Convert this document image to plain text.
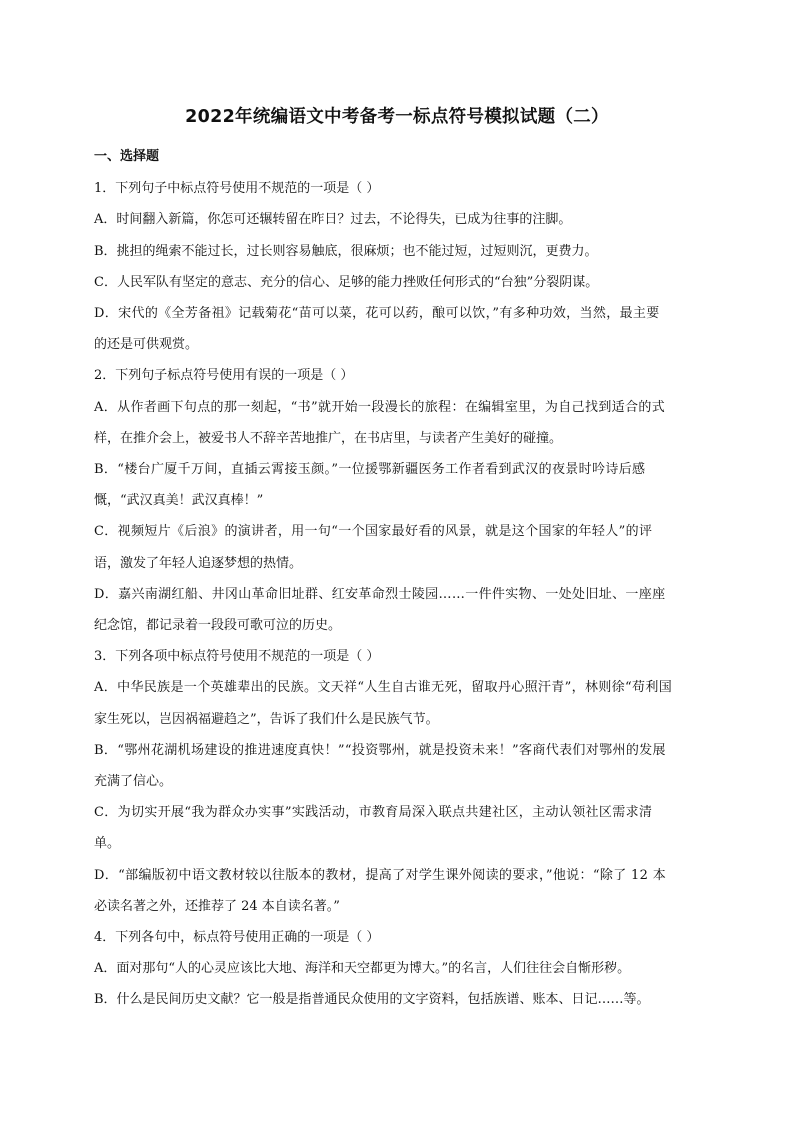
2022年统编语文中考备考一标点符号模拟试题（二）
一、选择题
1．下列句子中标点符号使用不规范的一项是（ ）
A．时间翻入新篇，你怎可还辗转留在昨日？过去，不论得失，已成为往事的注脚。
B．挑担的绳索不能过长，过长则容易触底，很麻烦；也不能过短，过短则沉，更费力。
C．人民军队有坚定的意志、充分的信心、足够的能力挫败任何形式的“台独”分裂阴谋。
D．宋代的《全芳备祖》记载菊花“苗可以菜，花可以药，酿可以饮，”有多种功效，当然，最主要
的还是可供观赏。
2．下列句子标点符号使用有误的一项是（ ）
A．从作者画下句点的那一刻起，“书”就开始一段漫长的旅程：在编辑室里，为自己找到适合的式
样，在推介会上，被爱书人不辞辛苦地推广，在书店里，与读者产生美好的碰撞。
B．“楼台广厦千万间，直插云霄接玉颜。”一位援鄂新疆医务工作者看到武汉的夜景时吟诗后感
慨，“武汉真美！武汉真棒！”
C．视频短片《后浪》的演讲者，用一句“一个国家最好看的风景，就是这个国家的年轻人”的评
语，激发了年轻人追逐梦想的热情。
D．嘉兴南湖红船、井冈山革命旧址群、红安革命烈士陵园……一件件实物、一处处旧址、一座座
纪念馆，都记录着一段段可歌可泣的历史。
3．下列各项中标点符号使用不规范的一项是（ ）
A．中华民族是一个英雄辈出的民族。文天祥“人生自古谁无死，留取丹心照汗青”，林则徐“苟利国
家生死以，岂因祸福避趋之”，告诉了我们什么是民族气节。
B．“鄂州花湖机场建设的推进速度真快！”“投资鄂州，就是投资未来！”客商代表们对鄂州的发展
充满了信心。
C．为切实开展“我为群众办实事”实践活动，市教育局深入联点共建社区，主动认领社区需求清
单。
D．“部编版初中语文教材较以往版本的教材，提高了对学生课外阅读的要求，”他说：“除了 12 本
必读名著之外，还推荐了 24 本自读名著。”
4．下列各句中，标点符号使用正确的一项是（ ）
A．面对那句“人的心灵应该比大地、海洋和天空都更为博大。”的名言，人们往往会自惭形秽。
B．什么是民间历史文献？它一般是指普通民众使用的文字资料，包括族谱、账本、日记……等。
